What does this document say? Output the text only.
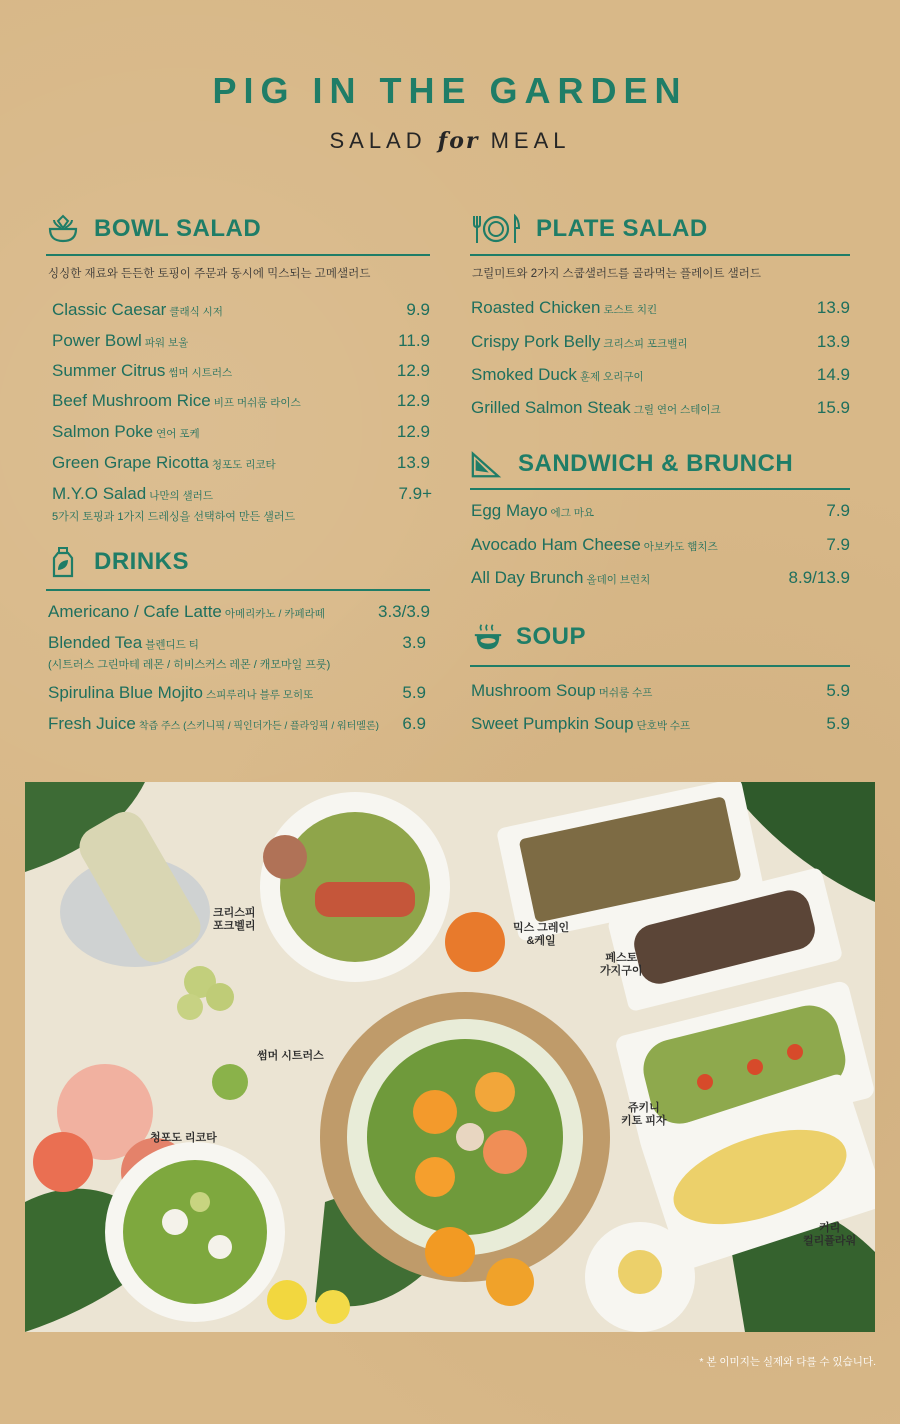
PIG IN THE GARDEN
SALAD for MEAL
BOWL SALAD
싱싱한 재료와 든든한 토핑이 주문과 동시에 믹스되는 고메샐러드
Classic Caesar 클래식 시저	9.9
Power Bowl 파워 보울	11.9
Summer Citrus 썸머 시트러스	12.9
Beef Mushroom Rice 비프 머쉬룸 라이스	12.9
Salmon Poke 연어 포케	12.9
Green Grape Ricotta 청포도 리코타	13.9
M.Y.O Salad 나만의 샐러드	7.9+
5가지 토핑과 1가지 드레싱을 선택하여 만든 샐러드
DRINKS
Americano / Cafe Latte 아메리카노 / 카페라떼	3.3/3.9
Blended Tea 블렌디드 티	3.9
(시트러스 그린마테 레몬 / 히비스커스 레몬 / 캐모마일 프룻)
Spirulina Blue Mojito 스피루리나 블루 모히또	5.9
Fresh Juice 착즙 주스 (스키니픽 / 픽인더가든 / 플라잉픽 / 워터멜론) 6.9
PLATE SALAD
그릴미트와 2가지 스쿱샐러드를 골라먹는 플레이트 샐러드
Roasted Chicken 로스트 치킨	13.9
Crispy Pork Belly 크리스피 포크밸리	13.9
Smoked Duck 훈제 오리구이	14.9
Grilled Salmon Steak 그릴 연어 스테이크	15.9
SANDWICH & BRUNCH
Egg Mayo 에그 마요	7.9
Avocado Ham Cheese 아보카도 햄치즈	7.9
All Day Brunch 올데이 브런치	8.9/13.9
SOUP
Mushroom Soup 머쉬룸 수프	5.9
Sweet Pumpkin Soup 단호박 수프	5.9
크리스피
포크벨리	믹스 그레인
&케일
페스토
가지구이
썸머 시트러스
청포도 리코타
쥬키니
키토 피자
커리
컬리플라워
* 본 이미지는 실제와 다를 수 있습니다.
